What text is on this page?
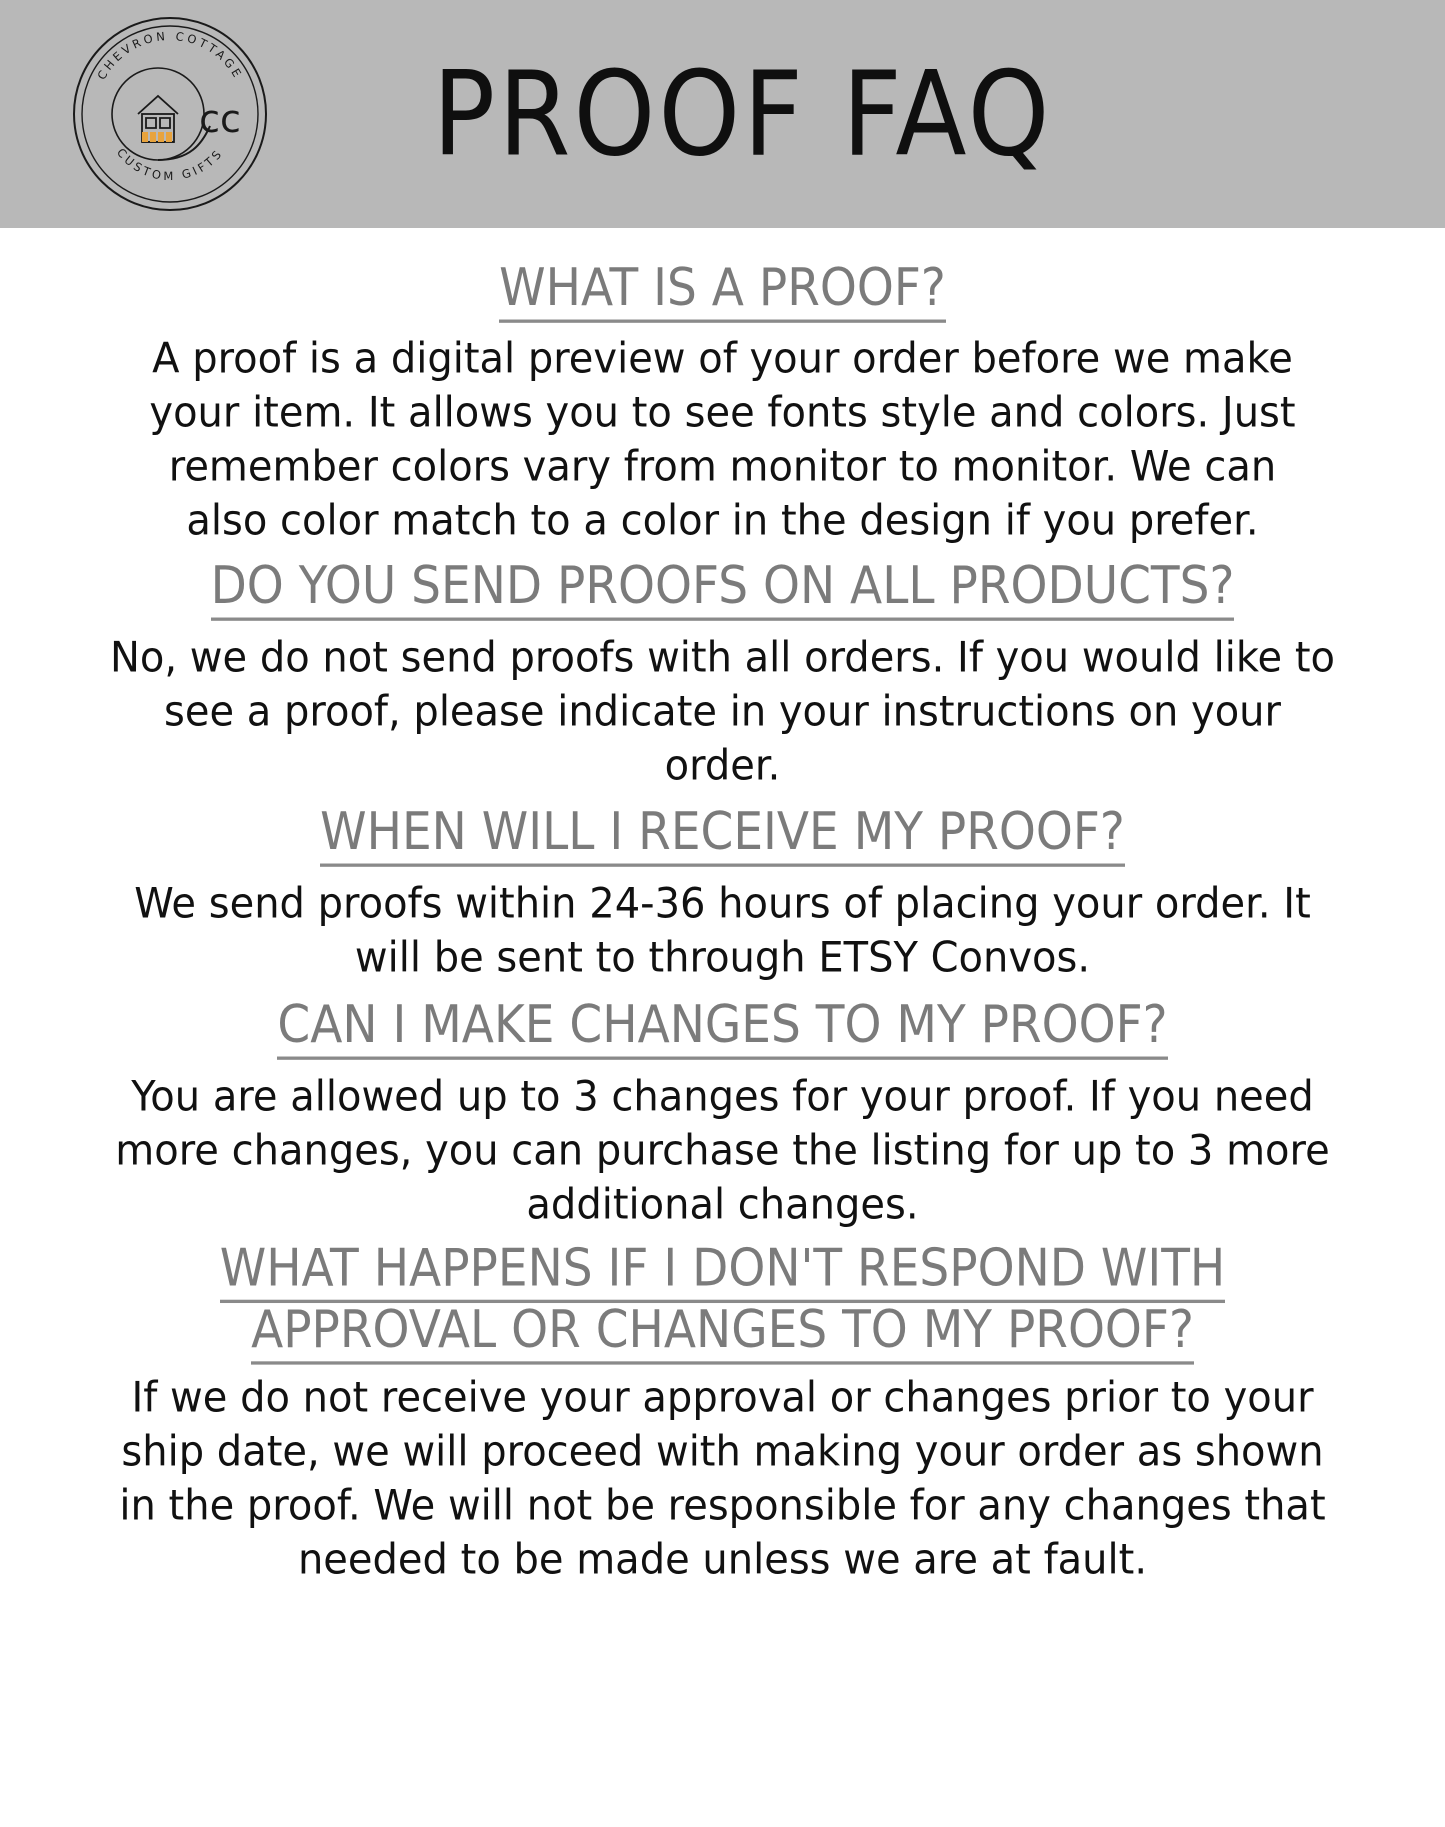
cc
CHEVRON COTTAGE
CUSTOM GIFTS	PROOF FAQ
WHAT IS A PROOF?
A proof is a digital preview of your order before we make your item. It allows you to see fonts style and colors. Just remember colors vary from monitor to monitor. We can also color match to a color in the design if you prefer.
DO YOU SEND PROOFS ON ALL PRODUCTS?
No, we do not send proofs with all orders. If you would like to see a proof, please indicate in your instructions on your order.
WHEN WILL I RECEIVE MY PROOF?
We send proofs within 24-36 hours of placing your order. It will be sent to through ETSY Convos.
CAN I MAKE CHANGES TO MY PROOF?
You are allowed up to 3 changes for your proof. If you need more changes, you can purchase the listing for up to 3 more additional changes.
WHAT HAPPENS IF I DON'T RESPOND WITH
APPROVAL OR CHANGES TO MY PROOF?
If we do not receive your approval or changes prior to your ship date, we will proceed with making your order as shown in the proof. We will not be responsible for any changes that needed to be made unless we are at fault.
